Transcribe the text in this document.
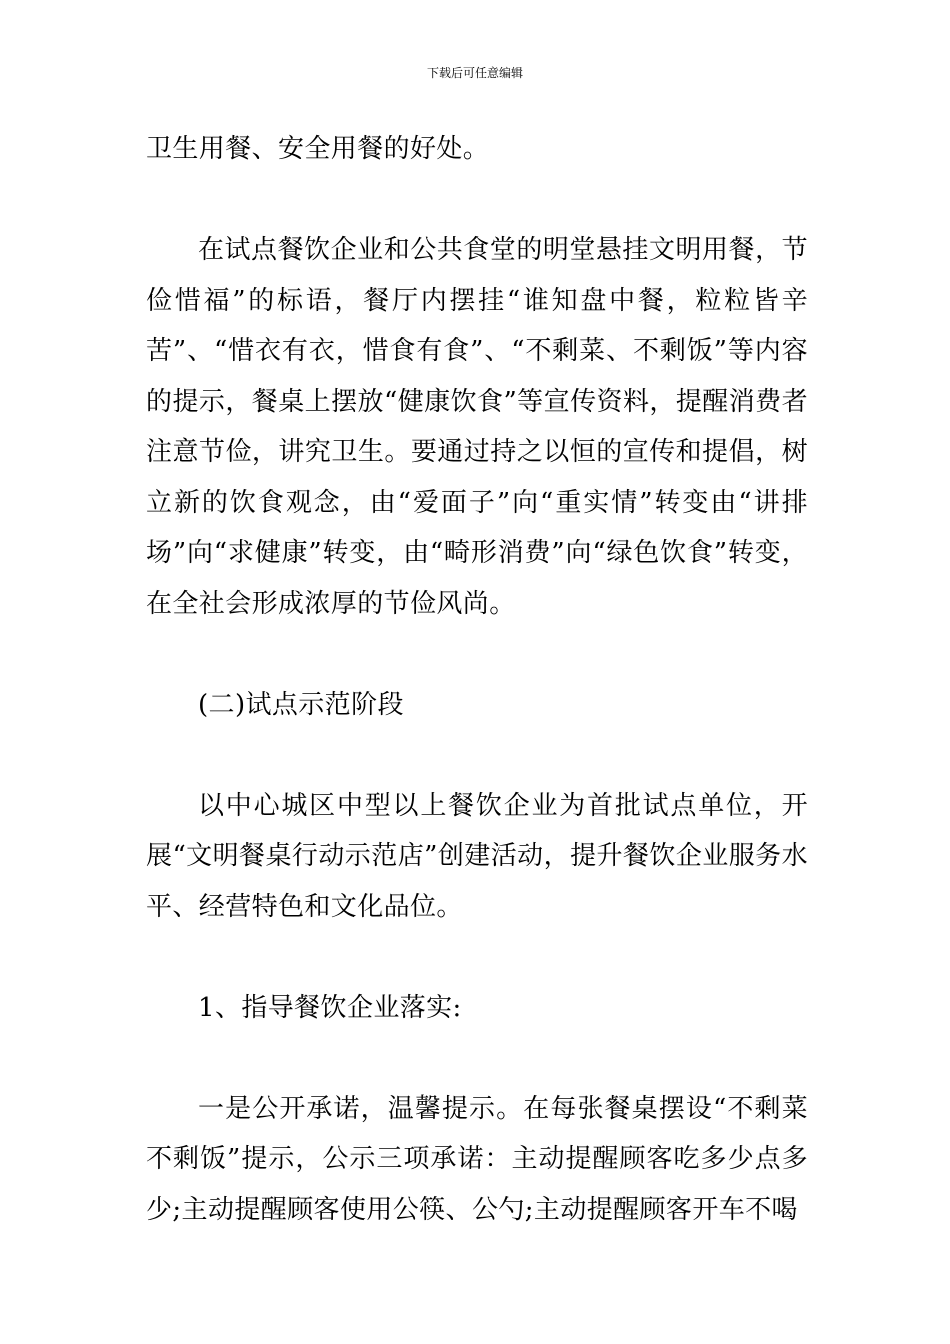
下载后可任意编辑

卫生用餐、安全用餐的好处。

在试点餐饮企业和公共食堂的明堂悬挂文明用餐，节俭惜福”的标语，餐厅内摆挂“谁知盘中餐，粒粒皆辛苦”、“惜衣有衣，惜食有食”、“不剩菜、不剩饭”等内容的提示，餐桌上摆放“健康饮食”等宣传资料，提醒消费者注意节俭，讲究卫生。要通过持之以恒的宣传和提倡，树立新的饮食观念，由“爱面子”向“重实情”转变由“讲排场”向“求健康”转变，由“畸形消费”向“绿色饮食”转变，在全社会形成浓厚的节俭风尚。

(二)试点示范阶段

以中心城区中型以上餐饮企业为首批试点单位，开展“文明餐桌行动示范店”创建活动，提升餐饮企业服务水平、经营特色和文化品位。

1、指导餐饮企业落实:

一是公开承诺，温馨提示。在每张餐桌摆设“不剩菜不剩饭”提示，公示三项承诺：主动提醒顾客吃多少点多少;主动提醒顾客使用公筷、公勺;主动提醒顾客开车不喝
